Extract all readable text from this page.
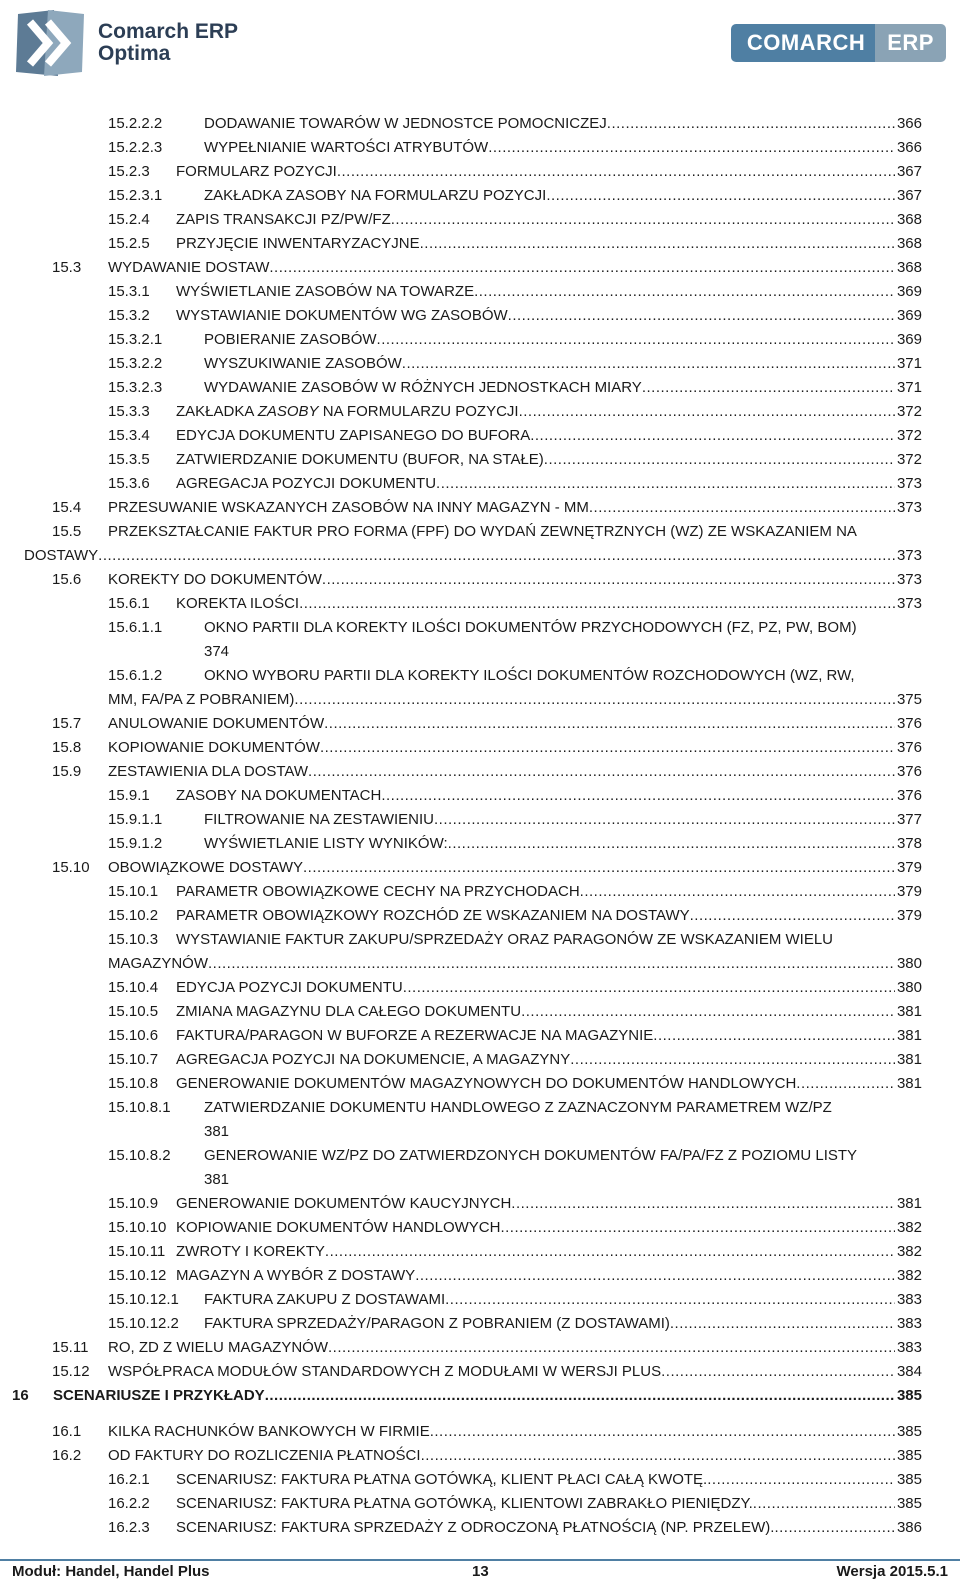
Comarch ERP
Optima	COMARCH	ERP
15.2.2.2	DODAWANIE TOWARÓW W JEDNOSTCE POMOCNICZEJ .....	366
15.2.2.3	WYPEŁNIANIE WARTOŚCI ATRYBUTÓW .....	366
15.2.3	FORMULARZ POZYCJI .....	367
15.2.3.1	ZAKŁADKA ZASOBY NA FORMULARZU POZYCJI .....	367
15.2.4	ZAPIS TRANSAKCJI PZ/PW/FZ .....	368
15.2.5	PRZYJĘCIE INWENTARYZACYJNE .....	368
15.3	WYDAWANIE DOSTAW .....	368
15.3.1	WYŚWIETLANIE ZASOBÓW NA TOWARZE .....	369
15.3.2	WYSTAWIANIE DOKUMENTÓW WG ZASOBÓW .....	369
15.3.2.1	POBIERANIE ZASOBÓW .....	369
15.3.2.2	WYSZUKIWANIE ZASOBÓW .....	371
15.3.2.3	WYDAWANIE ZASOBÓW W RÓŻNYCH JEDNOSTKACH MIARY .....	371
15.3.3	ZAKŁADKA ZASOBY NA FORMULARZU POZYCJI .....	372
15.3.4	EDYCJA DOKUMENTU ZAPISANEGO DO BUFORA .....	372
15.3.5	ZATWIERDZANIE DOKUMENTU (BUFOR, NA STAŁE) .....	372
15.3.6	AGREGACJA POZYCJI DOKUMENTU .....	373
15.4	PRZESUWANIE WSKAZANYCH ZASOBÓW NA INNY MAGAZYN - MM .....	373
15.5	PRZEKSZTAŁCANIE FAKTUR PRO FORMA (FPF) DO WYDAŃ ZEWNĘTRZNYCH (WZ) ZE WSKAZANIEM NA
DOSTAWY .....	373
15.6	KOREKTY DO DOKUMENTÓW .....	373
15.6.1	KOREKTA ILOŚCI .....	373
15.6.1.1	OKNO PARTII DLA KOREKTY ILOŚCI DOKUMENTÓW PRZYCHODOWYCH (FZ, PZ, PW, BOM)
374
15.6.1.2	OKNO WYBORU PARTII DLA KOREKTY ILOŚCI DOKUMENTÓW ROZCHODOWYCH (WZ, RW,
MM, FA/PA Z POBRANIEM) .....	375
15.7	ANULOWANIE DOKUMENTÓW .....	376
15.8	KOPIOWANIE DOKUMENTÓW .....	376
15.9	ZESTAWIENIA DLA DOSTAW .....	376
15.9.1	ZASOBY NA DOKUMENTACH .....	376
15.9.1.1	FILTROWANIE NA ZESTAWIENIU .....	377
15.9.1.2	WYŚWIETLANIE LISTY WYNIKÓW: .....	378
15.10	OBOWIĄZKOWE DOSTAWY .....	379
15.10.1	PARAMETR OBOWIĄZKOWE CECHY NA PRZYCHODACH .....	379
15.10.2	PARAMETR OBOWIĄZKOWY ROZCHÓD ZE WSKAZANIEM NA DOSTAWY .....	379
15.10.3	WYSTAWIANIE FAKTUR ZAKUPU/SPRZEDAŻY ORAZ PARAGONÓW ZE WSKAZANIEM WIELU
MAGAZYNÓW .....	380
15.10.4	EDYCJA POZYCJI DOKUMENTU .....	380
15.10.5	ZMIANA MAGAZYNU DLA CAŁEGO DOKUMENTU .....	381
15.10.6	FAKTURA/PARAGON W BUFORZE A REZERWACJE NA MAGAZYNIE .....	381
15.10.7	AGREGACJA POZYCJI NA DOKUMENCIE, A MAGAZYNY .....	381
15.10.8	GENEROWANIE DOKUMENTÓW MAGAZYNOWYCH DO DOKUMENTÓW HANDLOWYCH .....	381
15.10.8.1	ZATWIERDZANIE DOKUMENTU HANDLOWEGO Z ZAZNACZONYM PARAMETREM WZ/PZ
381
15.10.8.2	GENEROWANIE WZ/PZ DO ZATWIERDZONYCH DOKUMENTÓW FA/PA/FZ Z POZIOMU LISTY
381
15.10.9	GENEROWANIE DOKUMENTÓW KAUCYJNYCH .....	381
15.10.10 KOPIOWANIE DOKUMENTÓW HANDLOWYCH .....	382
15.10.11 ZWROTY I KOREKTY .....	382
15.10.12 MAGAZYN A WYBÓR Z DOSTAWY .....	382
15.10.12.1	FAKTURA ZAKUPU Z DOSTAWAMI .....	383
15.10.12.2	FAKTURA SPRZEDAŻY/PARAGON Z POBRANIEM (Z DOSTAWAMI) .....	383
15.11	RO, ZD Z WIELU MAGAZYNÓW .....	383
15.12	WSPÓŁPRACA MODUŁÓW STANDARDOWYCH Z MODUŁAMI W WERSJI PLUS .....	384
16	SCENARIUSZE I PRZYKŁADY .....	385
16.1	KILKA RACHUNKÓW BANKOWYCH W FIRMIE .....	385
16.2	OD FAKTURY DO ROZLICZENIA PŁATNOŚCI .....	385
16.2.1	SCENARIUSZ: FAKTURA PŁATNA GOTÓWKĄ, KLIENT PŁACI CAŁĄ KWOTĘ. .....	385
16.2.2	SCENARIUSZ: FAKTURA PŁATNA GOTÓWKĄ, KLIENTOWI ZABRAKŁO PIENIĘDZY. .....	385
16.2.3	SCENARIUSZ: FAKTURA SPRZEDAŻY Z ODROCZONĄ PŁATNOŚCIĄ (NP. PRZELEW). .....	386
Moduł: Handel, Handel Plus	13	Wersja 2015.5.1
